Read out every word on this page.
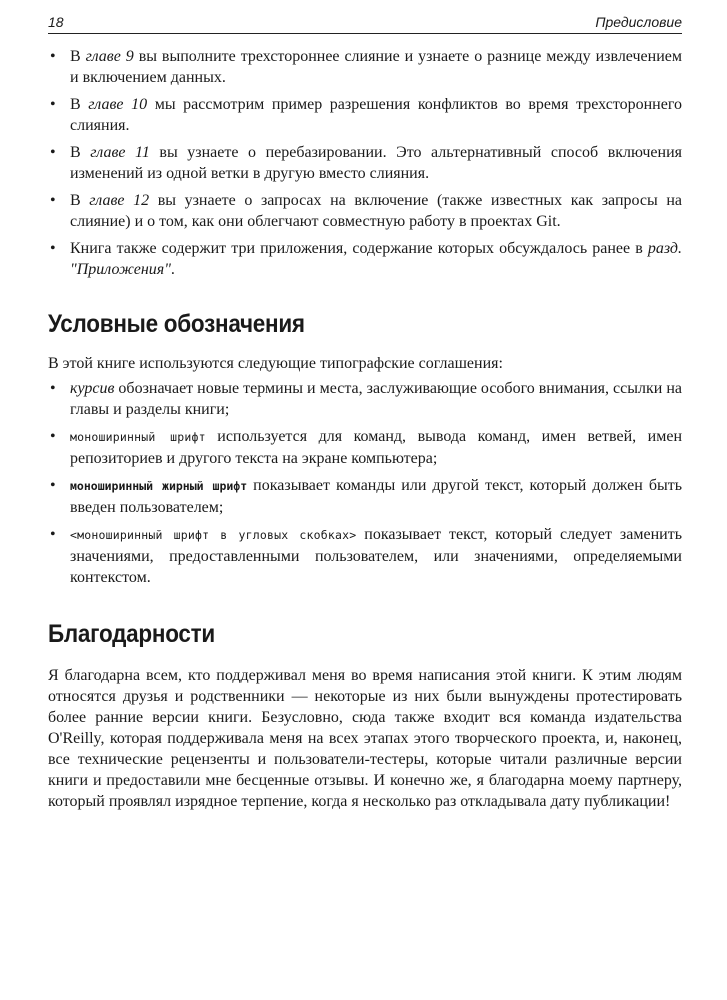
18	Предисловие
• В главе 9 вы выполните трехстороннее слияние и узнаете о разнице между извлечением и включением данных.
• В главе 10 мы рассмотрим пример разрешения конфликтов во время трехстороннего слияния.
• В главе 11 вы узнаете о перебазировании. Это альтернативный способ включения изменений из одной ветки в другую вместо слияния.
• В главе 12 вы узнаете о запросах на включение (также известных как запросы на слияние) и о том, как они облегчают совместную работу в проектах Git.
• Книга также содержит три приложения, содержание которых обсуждалось ранее в разд. "Приложения".
Условные обозначения

В этой книге используются следующие типографские соглашения:

• курсив обозначает новые термины и места, заслуживающие особого внимания, ссылки на главы и разделы книги;
• моноширинный шрифт используется для команд, вывода команд, имен ветвей, имен репозиториев и другого текста на экране компьютера;
• моноширинный жирный шрифт показывает команды или другой текст, который должен быть введен пользователем;
• <моноширинный шрифт в угловых скобках> показывает текст, который следует заменить значениями, предоставленными пользователем, или значениями, определяемыми контекстом.
Благодарности

Я благодарна всем, кто поддерживал меня во время написания этой книги. К этим людям относятся друзья и родственники — некоторые из них были вынуждены протестировать более ранние версии книги. Безусловно, сюда также входит вся команда издательства O'Reilly, которая поддерживала меня на всех этапах этого творческого проекта, и, наконец, все технические рецензенты и пользователи-тестеры, которые читали различные версии книги и предоставили мне бесценные отзывы. И конечно же, я благодарна моему партнеру, который проявлял изрядное терпение, когда я несколько раз откладывала дату публикации!
